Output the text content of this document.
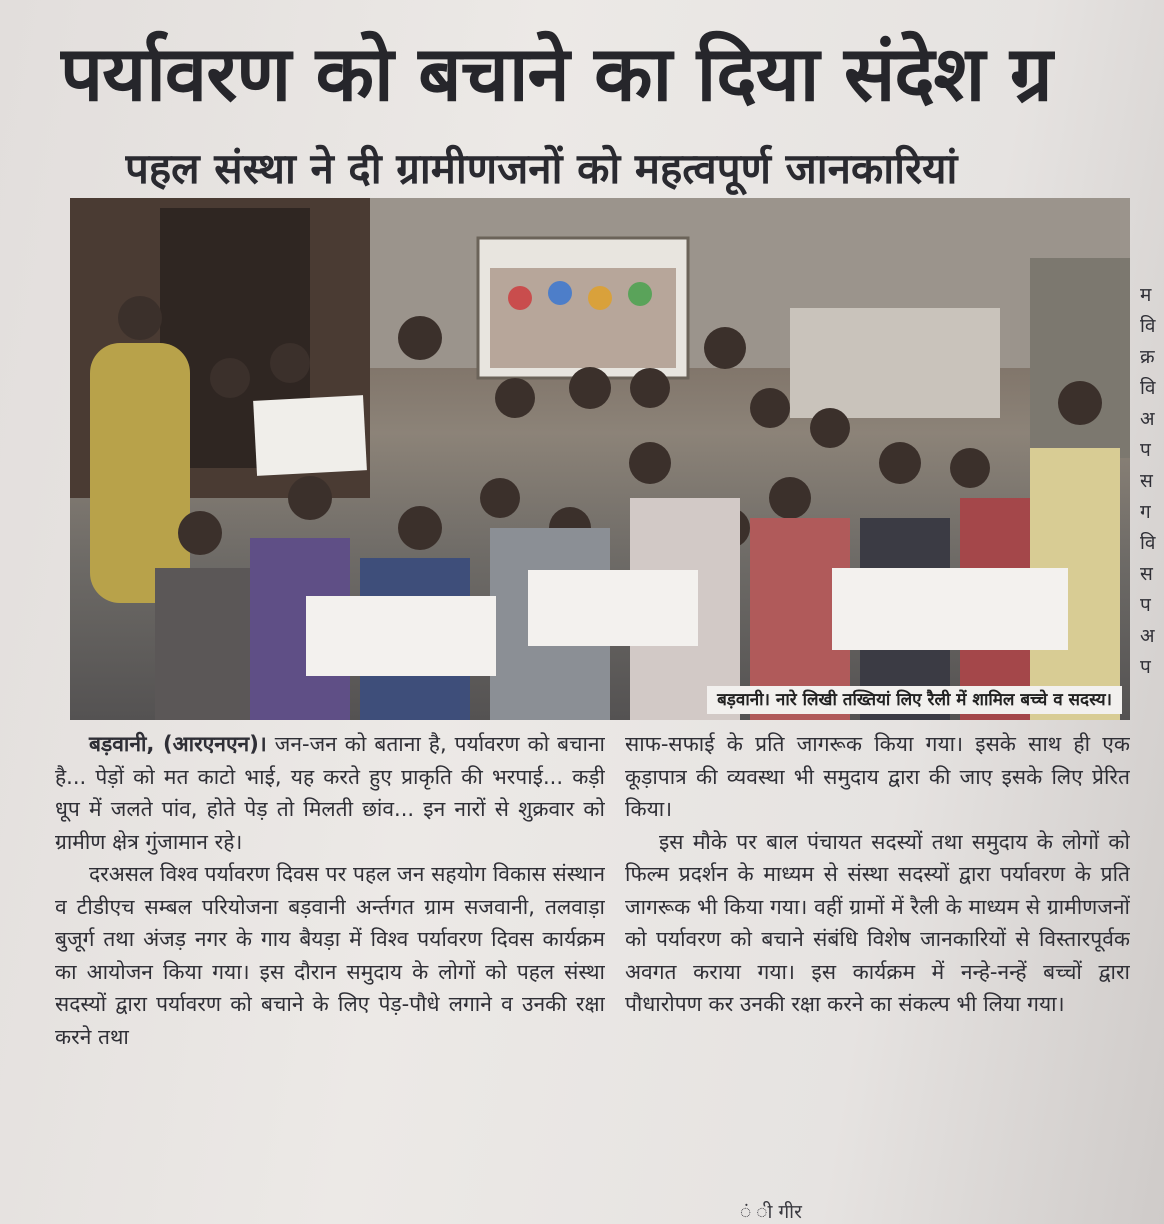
पर्यावरण को बचाने का दिया संदेश ग्र
पहल संस्था ने दी ग्रामीणजनों को महत्वपूर्ण जानकारियां
बड़वानी। नारे लिखी तख्तियां लिए रैली में शामिल बच्चे व सदस्य।

बड़वानी, (आरएनएन)। जन-जन को बताना है, पर्यावरण को बचाना है... पेड़ों को मत काटो भाई, यह करते हुए प्राकृति की भरपाई... कड़ी धूप में जलते पांव, होते पेड़ तो मिलती छांव... इन नारों से शुक्रवार को ग्रामीण क्षेत्र गुंजामान रहे।

दरअसल विश्व पर्यावरण दिवस पर पहल जन सहयोग विकास संस्थान व टीडीएच सम्बल परियोजना बड़वानी अर्न्तगत ग्राम सजवानी, तलवाड़ा बुजूर्ग तथा अंजड़ नगर के गाय बैयड़ा में विश्व पर्यावरण दिवस कार्यक्रम का आयोजन किया गया। इस दौरान समुदाय के लोगों को पहल संस्था सदस्यों द्वारा पर्यावरण को बचाने के लिए पेड़-पौधे लगाने व उनकी रक्षा करने तथा

साफ-सफाई के प्रति जागरूक किया गया। इसके साथ ही एक कूड़ापात्र की व्यवस्था भी समुदाय द्वारा की जाए इसके लिए प्रेरित किया।

इस मौके पर बाल पंचायत सदस्यों तथा समुदाय के लोगों को फिल्म प्रदर्शन के माध्यम से संस्था सदस्यों द्वारा पर्यावरण के प्रति जागरूक भी किया गया। वहीं ग्रामों में रैली के माध्यम से ग्रामीणजनों को पर्यावरण को बचाने संबंधि विशेष जानकारियों से विस्तारपूर्वक अवगत कराया गया। इस कार्यक्रम में नन्हे-नन्हें बच्चों द्वारा पौधारोपण कर उनकी रक्षा करने का संकल्प भी लिया गया।

म
वि
क्र
वि
अ
प
स
ग
वि
स
प
अ
प
ं ी गीर
